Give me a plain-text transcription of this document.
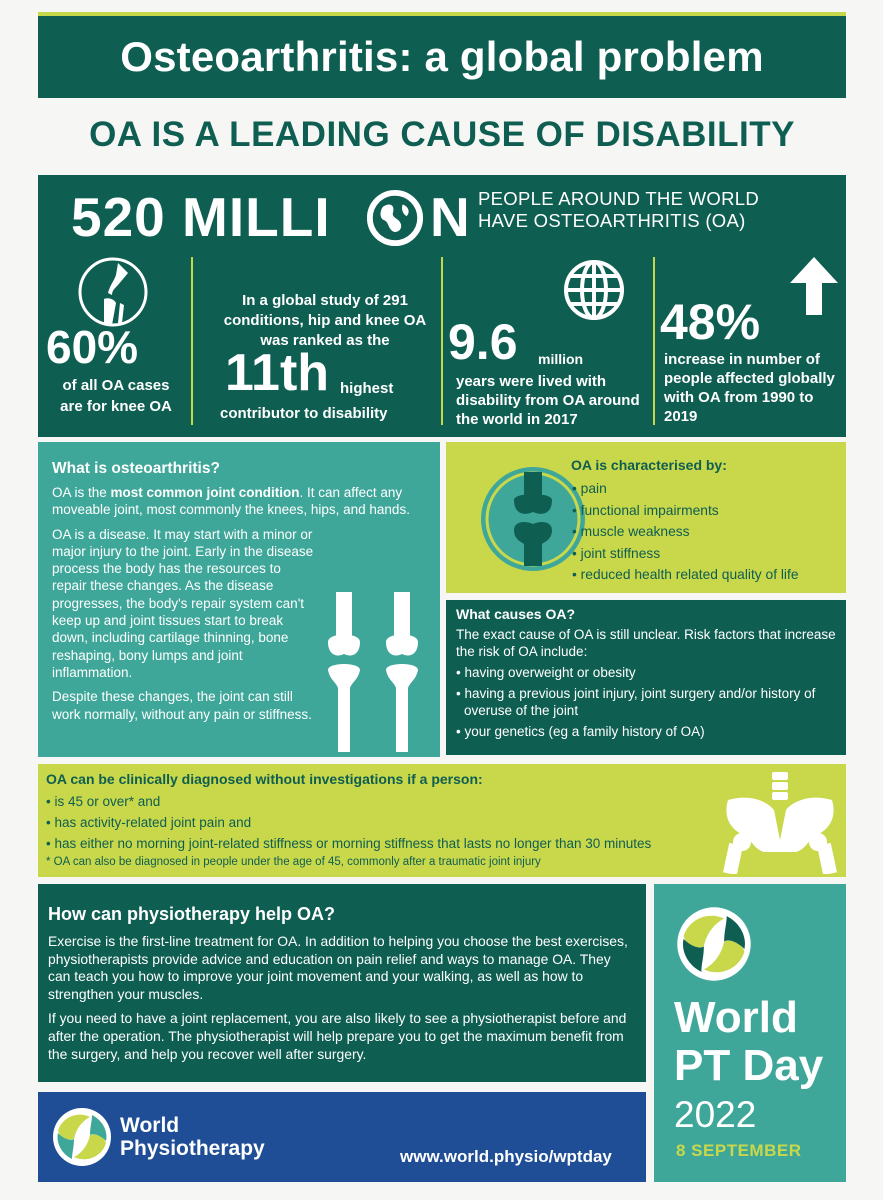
Osteoarthritis: a global problem
OA IS A LEADING CAUSE OF DISABILITY
520 MILLI N PEOPLE AROUND THE WORLD
HAVE OSTEOARTHRITIS (OA)
60%
of all OA cases
are for knee OA
In a global study of 291 conditions, hip and knee OA was ranked as the
11th highest
contributor to disability
9.6 million
years were lived with disability from OA around the world in 2017
48%
increase in number of people affected globally with OA from 1990 to 2019
What is osteoarthritis?

OA is the most common joint condition. It can affect any moveable joint, most commonly the knees, hips, and hands.

OA is a disease. It may start with a minor or major injury to the joint. Early in the disease process the body has the resources to repair these changes. As the disease progresses, the body's repair system can't keep up and joint tissues start to break down, including cartilage thinning, bone reshaping, bony lumps and joint inflammation.

Despite these changes, the joint can still work normally, without any pain or stiffness.

OA is characterised by:
• pain
• functional impairments
• muscle weakness
• joint stiffness
• reduced health related quality of life
What causes OA?

The exact cause of OA is still unclear. Risk factors that increase the risk of OA include:

• having overweight or obesity
• having a previous joint injury, joint surgery and/or history of overuse of the joint
• your genetics (eg a family history of OA)
OA can be clinically diagnosed without investigations if a person:
• is 45 or over* and
• has activity-related joint pain and
• has either no morning joint-related stiffness or morning stiffness that lasts no longer than 30 minutes
* OA can also be diagnosed in people under the age of 45, commonly after a traumatic joint injury
How can physiotherapy help OA?

Exercise is the first-line treatment for OA. In addition to helping you choose the best exercises, physiotherapists provide advice and education on pain relief and ways to manage OA. They can teach you how to improve your joint movement and your walking, as well as how to strengthen your muscles.

If you need to have a joint replacement, you are also likely to see a physiotherapist before and after the operation. The physiotherapist will help prepare you to get the maximum benefit from the surgery, and help you recover well after surgery.

World
Physiotherapy	www.world.physio/wptday
World
PT Day
2022
8 SEPTEMBER
